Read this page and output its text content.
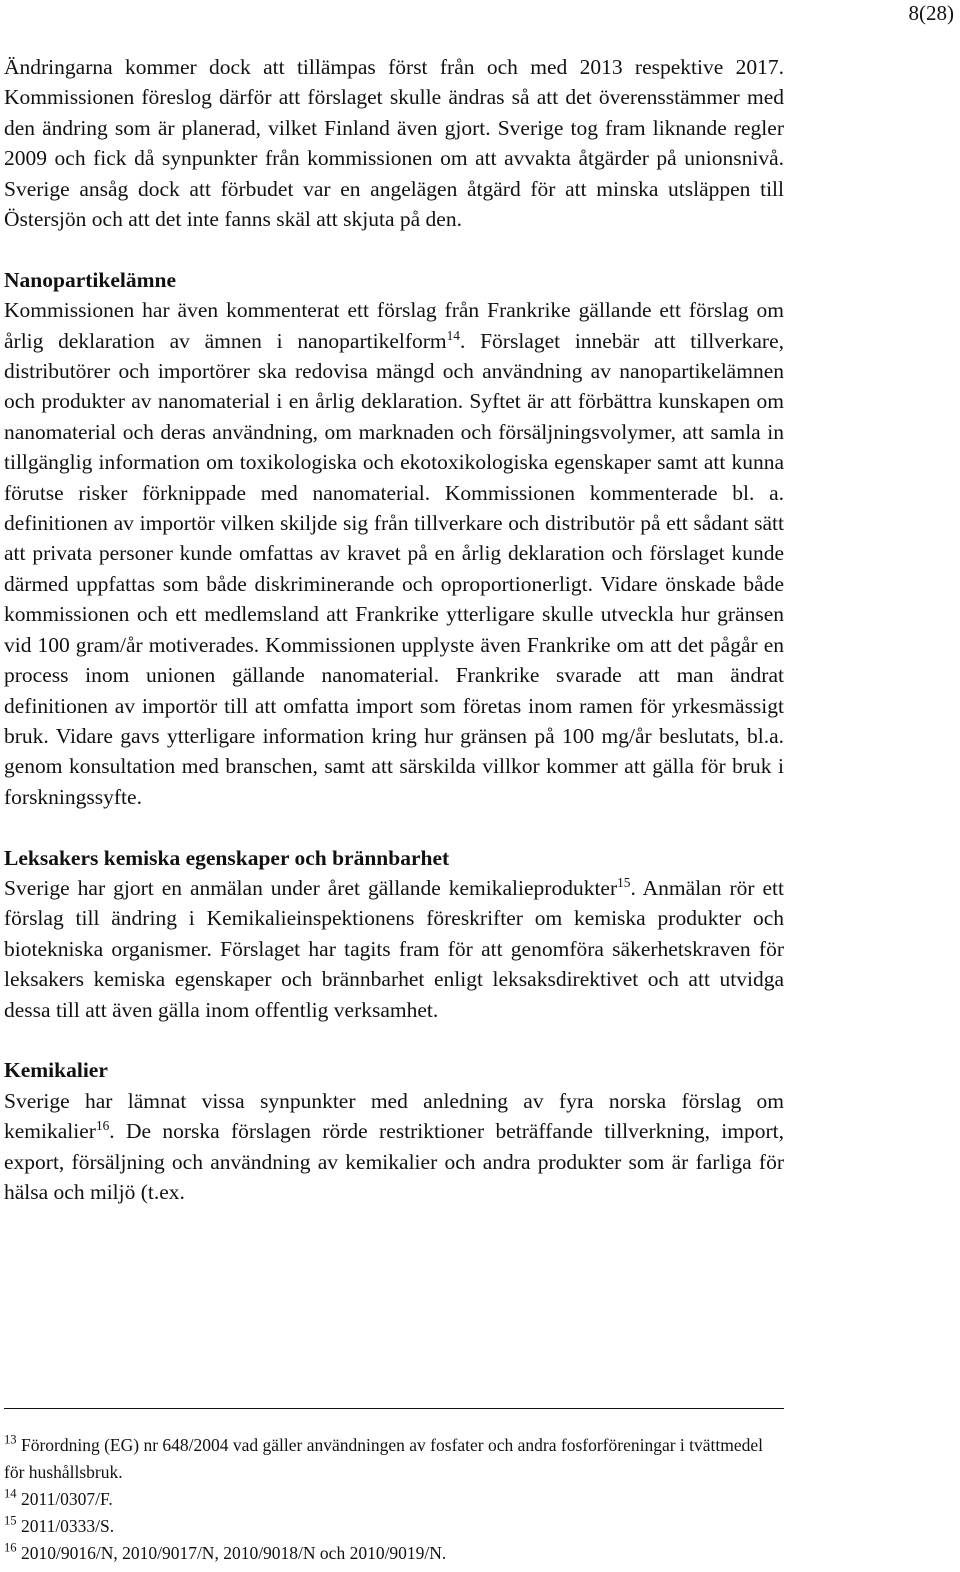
8(28)

Ändringarna kommer dock att tillämpas först från och med 2013 respektive 2017. Kommissionen föreslog därför att förslaget skulle ändras så att det överensstämmer med den ändring som är planerad, vilket Finland även gjort. Sverige tog fram liknande regler 2009 och fick då synpunkter från kommissionen om att avvakta åtgärder på unionsnivå. Sverige ansåg dock att förbudet var en angelägen åtgärd för att minska utsläppen till Östersjön och att det inte fanns skäl att skjuta på den.

Nanopartikelämne

Kommissionen har även kommenterat ett förslag från Frankrike gällande ett förslag om årlig deklaration av ämnen i nanopartikelform$^{14}$. Förslaget innebär att tillverkare, distributörer och importörer ska redovisa mängd och användning av nanopartikelämnen och produkter av nanomaterial i en årlig deklaration. Syftet är att förbättra kunskapen om nanomaterial och deras användning, om marknaden och försäljningsvolymer, att samla in tillgänglig information om toxikologiska och ekotoxikologiska egenskaper samt att kunna förutse risker förknippade med nanomaterial. Kommissionen kommenterade bl. a. definitionen av importör vilken skiljde sig från tillverkare och distributör på ett sådant sätt att privata personer kunde omfattas av kravet på en årlig deklaration och förslaget kunde därmed uppfattas som både diskriminerande och oproportionerligt. Vidare önskade både kommissionen och ett medlemsland att Frankrike ytterligare skulle utveckla hur gränsen vid 100 gram/år motiverades. Kommissionen upplyste även Frankrike om att det pågår en process inom unionen gällande nanomaterial. Frankrike svarade att man ändrat definitionen av importör till att omfatta import som företas inom ramen för yrkesmässigt bruk. Vidare gavs ytterligare information kring hur gränsen på 100 mg/år beslutats, bl.a. genom konsultation med branschen, samt att särskilda villkor kommer att gälla för bruk i forskningssyfte.

Leksakers kemiska egenskaper och brännbarhet

Sverige har gjort en anmälan under året gällande kemikalieprodukter$^{15}$. Anmälan rör ett förslag till ändring i Kemikalieinspektionens föreskrifter om kemiska produkter och biotekniska organismer. Förslaget har tagits fram för att genomföra säkerhetskraven för leksakers kemiska egenskaper och brännbarhet enligt leksaksdirektivet och att utvidga dessa till att även gälla inom offentlig verksamhet.

Kemikalier

Sverige har lämnat vissa synpunkter med anledning av fyra norska förslag om kemikalier$^{16}$. De norska förslagen rörde restriktioner beträffande tillverkning, import, export, försäljning och användning av kemikalier och andra produkter som är farliga för hälsa och miljö (t.ex.

$^{13}$ Förordning (EG) nr 648/2004 vad gäller användningen av fosfater och andra fosforföreningar i tvättmedel för hushållsbruk.

$^{14}$ 2011/0307/F.

$^{15}$ 2011/0333/S.

$^{16}$ 2010/9016/N, 2010/9017/N, 2010/9018/N och 2010/9019/N.
